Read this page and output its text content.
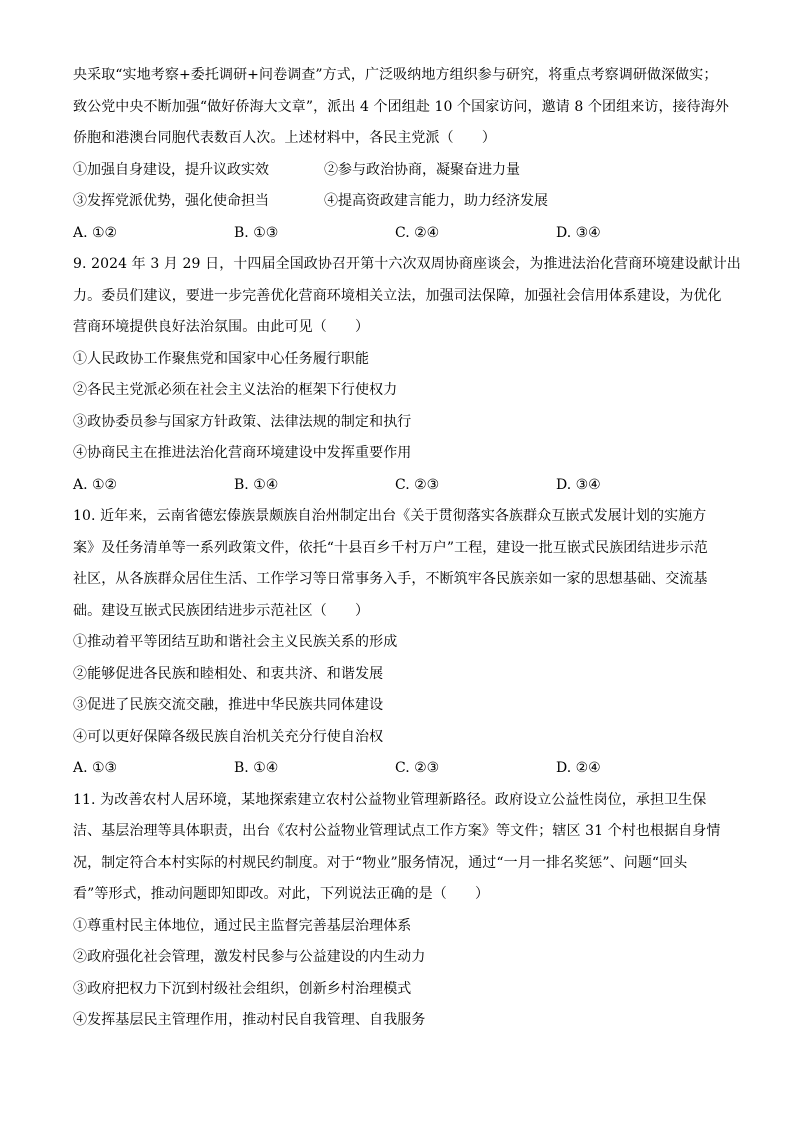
央采取“实地考察+委托调研+问卷调查”方式，广泛吸纳地方组织参与研究，将重点考察调研做深做实；
致公党中央不断加强“做好侨海大文章”，派出 4 个团组赴 10 个国家访问，邀请 8 个团组来访，接待海外
侨胞和港澳台同胞代表数百人次。上述材料中，各民主党派（　　）
①加强自身建设，提升议政实效	②参与政治协商，凝聚奋进力量
③发挥党派优势，强化使命担当	④提高资政建言能力，助力经济发展
A. ①②	B. ①③	C. ②④	D. ③④
9. 2024 年 3 月 29 日，十四届全国政协召开第十六次双周协商座谈会，为推进法治化营商环境建设献计出
力。委员们建议，要进一步完善优化营商环境相关立法，加强司法保障，加强社会信用体系建设，为优化
营商环境提供良好法治氛围。由此可见（　　）
①人民政协工作聚焦党和国家中心任务履行职能
②各民主党派必须在社会主义法治的框架下行使权力
③政协委员参与国家方针政策、法律法规的制定和执行
④协商民主在推进法治化营商环境建设中发挥重要作用
A. ①②	B. ①④	C. ②③	D. ③④
10. 近年来，云南省德宏傣族景颇族自治州制定出台《关于贯彻落实各族群众互嵌式发展计划的实施方
案》及任务清单等一系列政策文件，依托“十县百乡千村万户”工程，建设一批互嵌式民族团结进步示范
社区，从各族群众居住生活、工作学习等日常事务入手，不断筑牢各民族亲如一家的思想基础、交流基
础。建设互嵌式民族团结进步示范社区（　　）
①推动着平等团结互助和谐社会主义民族关系的形成
②能够促进各民族和睦相处、和衷共济、和谐发展
③促进了民族交流交融，推进中华民族共同体建设
④可以更好保障各级民族自治机关充分行使自治权
A. ①③	B. ①④	C. ②③	D. ②④
11. 为改善农村人居环境，某地探索建立农村公益物业管理新路径。政府设立公益性岗位，承担卫生保
洁、基层治理等具体职责，出台《农村公益物业管理试点工作方案》等文件；辖区 31 个村也根据自身情
况，制定符合本村实际的村规民约制度。对于“物业”服务情况，通过“一月一排名奖惩”、问题“回头
看”等形式，推动问题即知即改。对此，下列说法正确的是（　　）
①尊重村民主体地位，通过民主监督完善基层治理体系
②政府强化社会管理，激发村民参与公益建设的内生动力
③政府把权力下沉到村级社会组织，创新乡村治理模式
④发挥基层民主管理作用，推动村民自我管理、自我服务
